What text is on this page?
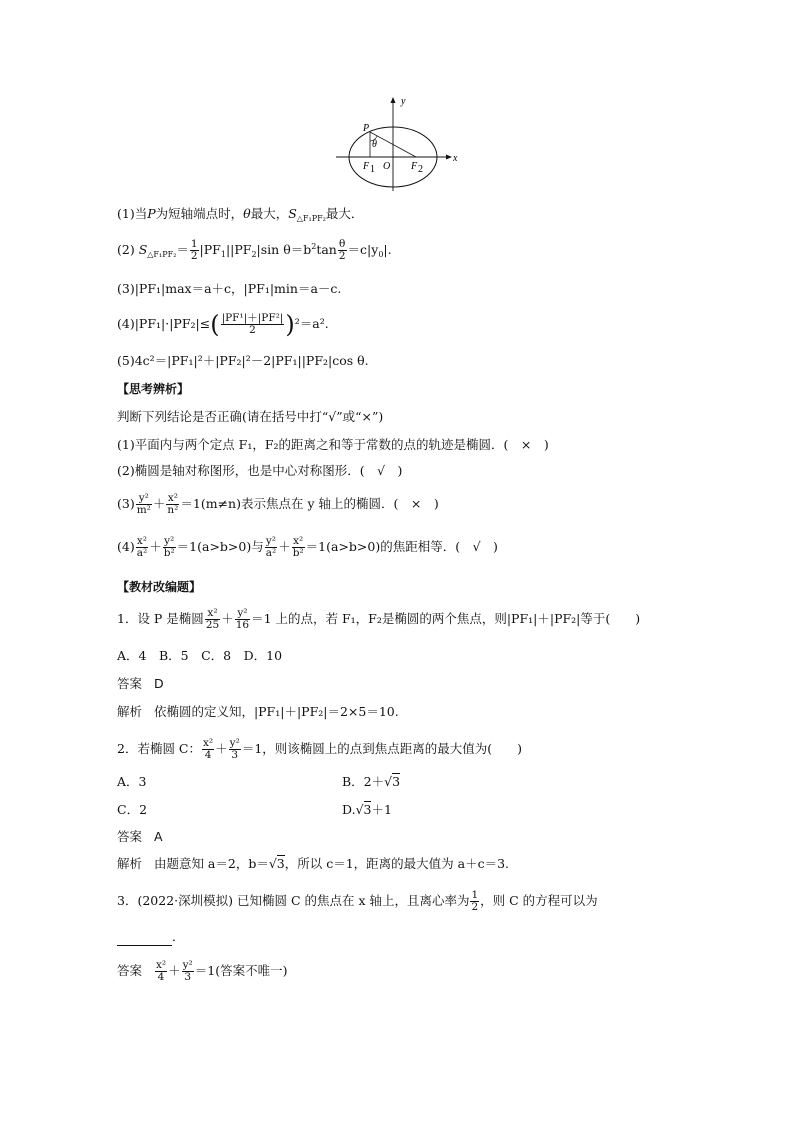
y
x
P
θ
F 1 O F 2
(1)当P为短轴端点时，θ最大，$S_{\triangle F_1PF_2}$最大．
(2) $S_{\triangle F_1PF_2}= \frac{1}{2} |PF_1||PF_2|\sin$ $\theta=b^2\tan \frac{\theta}{2} =c|y_0|$.
(3)|PF₁|max＝a＋c，|PF₁|min＝a－c.
$(4)|PF_1|\cdot|PF_2|\le( \frac{\text{|PF¹|＋|PF²|}}{2} )^2=a^2$.
(5)4c²＝|PF₁|²＋|PF₂|²－2|PF₁||PF₂|cos θ.
【思考辨析】
判断下列结论是否正确(请在括号中打“√”或“×”)
(1)平面内与两个定点 F₁，F₂的距离之和等于常数的点的轨迹是椭圆．(　×　)
(2)椭圆是轴对称图形，也是中心对称图形．(　√　)
$(3) \frac{\text{y²}}{\text{m²}} + \frac{\text{x²}}{\text{n²}} =1(m\ne n)$表示焦点在 y 轴上的椭圆．(　×　)
$(4) \frac{\text{x²}}{\text{a²}} + \frac{\text{y²}}{\text{b²}} =1(a>b>0)$与 $\frac{\text{y²}}{\text{a²}} + \frac{\text{x²}}{\text{b²}} =1(a>b>0)$的焦距相等．(　√　)
【教材改编题】
1．设 P 是椭圆 $\frac{\text{x²}}{25} + \frac{\text{y²}}{16} =1$ 上的点，若 F₁，F₂是椭圆的两个焦点，则|PF₁|＋|PF₂|等于(　　)
A．4　B．5　C．8　D．10
答案 D
解析 依椭圆的定义知，|PF₁|＋|PF₂|＝2×5＝10.
2．若椭圆 C： $\frac{\text{x²}}{4} + \frac{\text{y²}}{3} =1$，则该椭圆上的点到焦点距离的最大值为(　　)
A．3	B．2＋√3
C．2	D.√3＋1
答案 A
解析 由题意知 a＝2，b＝√3，所以 c＝1，距离的最大值为 a＋c＝3.
3．(2022·深圳模拟) 已知椭圆 C 的焦点在 x 轴上，且离心率为 $\frac{1}{2}$ ，则 C 的方程可以为
．
答案 $\frac{\text{x²}}{4} + \frac{\text{y²}}{3} =1$(答案不唯一)
